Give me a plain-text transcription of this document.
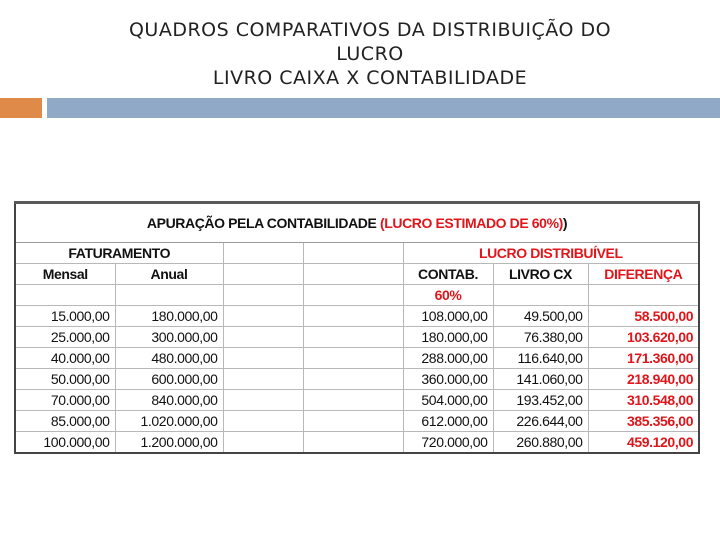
QUADROS COMPARATIVOS DA DISTRIBUIÇÃO DO
LUCRO
LIVRO CAIXA X CONTABILIDADE
APURAÇÃO PELA CONTABILIDADE (LUCRO ESTIMADO DE 60%))						
FATURAMENTO				LUCRO DISTRIBUÍVEL		
Mensal	Anual			CONTAB.	LIVRO CX	DIFERENÇA
				60%		
15.000,00	180.000,00			108.000,00	49.500,00	58.500,00
25.000,00	300.000,00			180.000,00	76.380,00	103.620,00
40.000,00	480.000,00			288.000,00	116.640,00	171.360,00
50.000,00	600.000,00			360.000,00	141.060,00	218.940,00
70.000,00	840.000,00			504.000,00	193.452,00	310.548,00
85.000,00	1.020.000,00			612.000,00	226.644,00	385.356,00
100.000,00	1.200.000,00			720.000,00	260.880,00	459.120,00
